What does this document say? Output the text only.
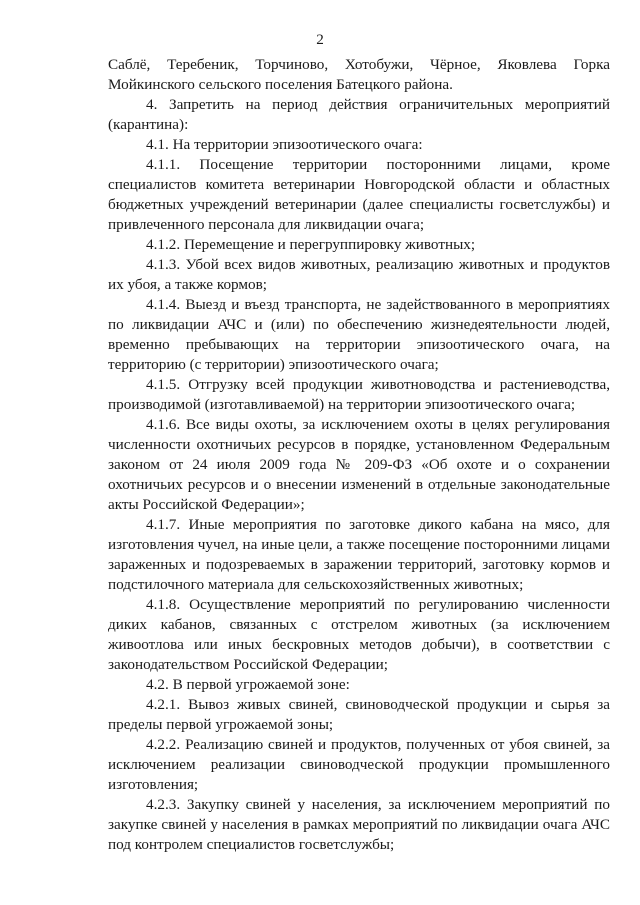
2

Саблё, Теребеник, Торчиново, Хотобужи, Чёрное, Яковлева Горка Мойкинского сельского поселения Батецкого района.

4. Запретить на период действия ограничительных мероприятий (карантина):

4.1. На территории эпизоотического очага:

4.1.1. Посещение территории посторонними лицами, кроме специалистов комитета ветеринарии Новгородской области и областных бюджетных учреждений ветеринарии (далее специалисты госветслужбы) и привлеченного персонала для ликвидации очага;

4.1.2. Перемещение и перегруппировку животных;

4.1.3. Убой всех видов животных, реализацию животных и продуктов их убоя, а также кормов;

4.1.4. Выезд и въезд транспорта, не задействованного в мероприятиях по ликвидации АЧС и (или) по обеспечению жизнедеятельности людей, временно пребывающих на территории эпизоотического очага, на территорию (с территории) эпизоотического очага;

4.1.5. Отгрузку всей продукции животноводства и растениеводства, производимой (изготавливаемой) на территории эпизоотического очага;

4.1.6. Все виды охоты, за исключением охоты в целях регулирования численности охотничьих ресурсов в порядке, установленном Федеральным законом от 24 июля 2009 года № 209-ФЗ «Об охоте и о сохранении охотничьих ресурсов и о внесении изменений в отдельные законодательные акты Российской Федерации»;

4.1.7. Иные мероприятия по заготовке дикого кабана на мясо, для изготовления чучел, на иные цели, а также посещение посторонними лицами зараженных и подозреваемых в заражении территорий, заготовку кормов и подстилочного материала для сельскохозяйственных животных;

4.1.8. Осуществление мероприятий по регулированию численности диких кабанов, связанных с отстрелом животных (за исключением живоотлова или иных бескровных методов добычи), в соответствии с законодательством Российской Федерации;

4.2. В первой угрожаемой зоне:

4.2.1. Вывоз живых свиней, свиноводческой продукции и сырья за пределы первой угрожаемой зоны;

4.2.2. Реализацию свиней и продуктов, полученных от убоя свиней, за исключением реализации свиноводческой продукции промышленного изготовления;

4.2.3. Закупку свиней у населения, за исключением мероприятий по закупке свиней у населения в рамках мероприятий по ликвидации очага АЧС под контролем специалистов госветслужбы;
